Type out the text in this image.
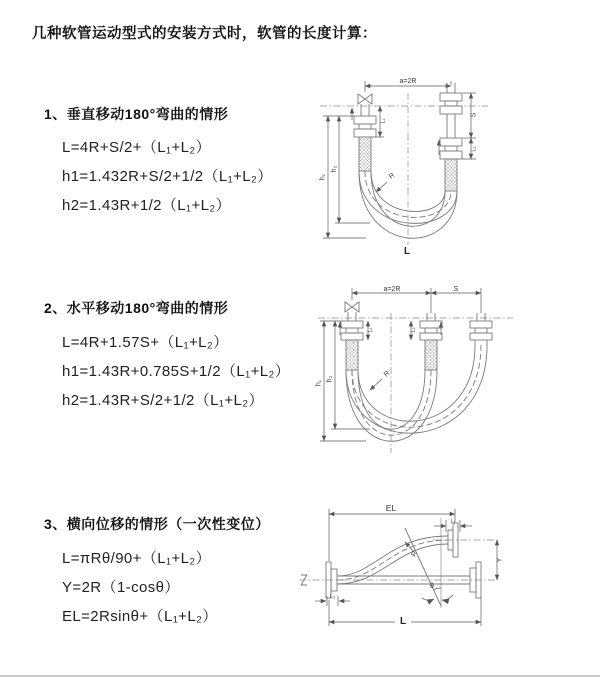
几种软管运动型式的安装方式时，软管的长度计算：
1、垂直移动180°弯曲的情形
L=4R+S/2+（L₁+L₂）
h1=1.432R+S/2+1/2（L₁+L₂）
h2=1.43R+1/2（L₁+L₂）
a=2R
h₁
h₂
L₁
S
L₂
R
L
2、水平移动180°弯曲的情形
L=4R+1.57S+（L₁+L₂）
h1=1.43R+0.785S+1/2（L₁+L₂）
h2=1.43R+S/2+1/2（L₁+L₂）
a=2R	S
h₁
h₂
L₁	L₂
R
3、横向位移的情形（一次性变位）
L=πRθ/90+（L₁+L₂）
Y=2R（1-cosθ）
EL=2Rsinθ+（L₁+L₂）
EL
L₁
Y
R
θ
L
L₂
